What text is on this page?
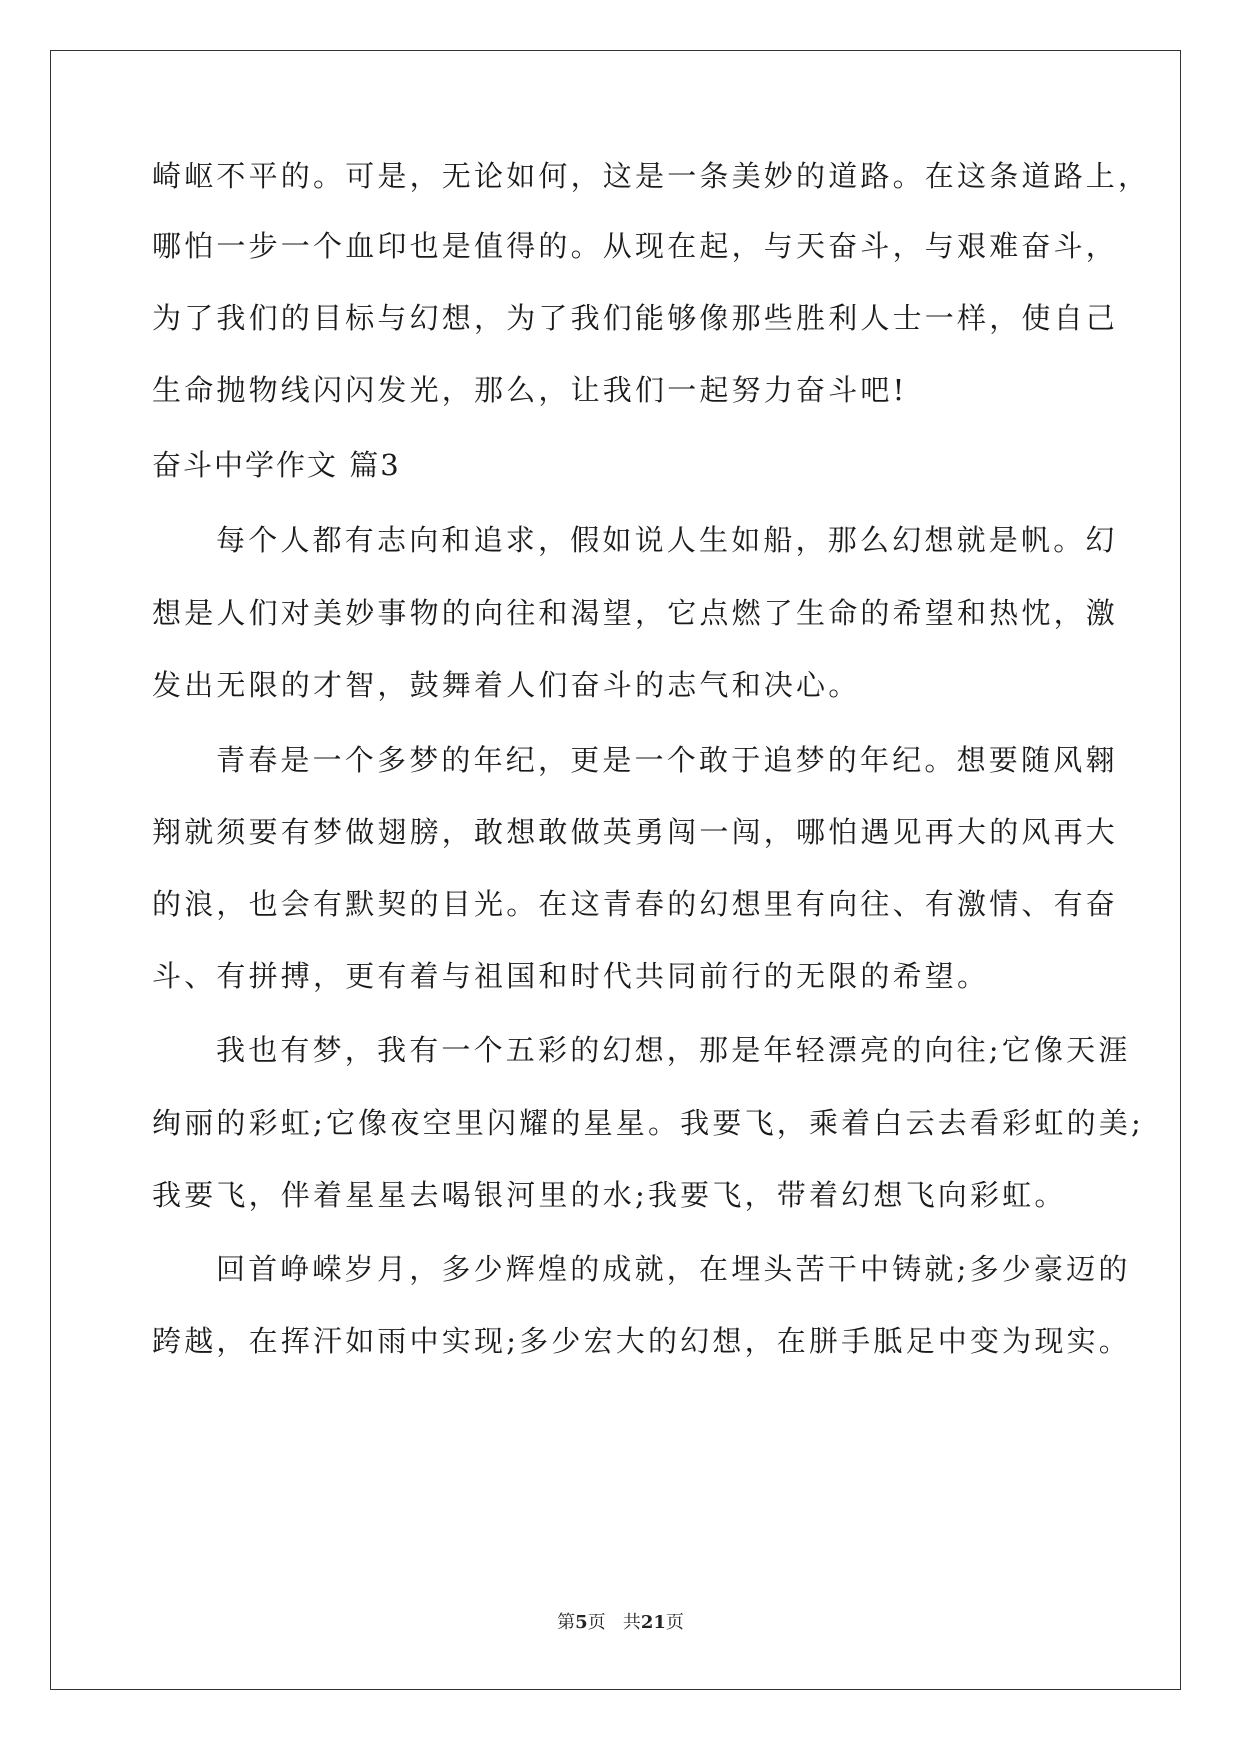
崎岖不平的。可是，无论如何，这是一条美妙的道路。在这条道路上，
哪怕一步一个血印也是值得的。从现在起，与天奋斗，与艰难奋斗，
为了我们的目标与幻想，为了我们能够像那些胜利人士一样，使自己
生命抛物线闪闪发光，那么，让我们一起努力奋斗吧!
奋斗中学作文 篇3
每个人都有志向和追求，假如说人生如船，那么幻想就是帆。幻
想是人们对美妙事物的向往和渴望，它点燃了生命的希望和热忱，激
发出无限的才智，鼓舞着人们奋斗的志气和决心。
青春是一个多梦的年纪，更是一个敢于追梦的年纪。想要随风翱
翔就须要有梦做翅膀，敢想敢做英勇闯一闯，哪怕遇见再大的风再大
的浪，也会有默契的目光。在这青春的幻想里有向往、有激情、有奋
斗、有拼搏，更有着与祖国和时代共同前行的无限的希望。
我也有梦，我有一个五彩的幻想，那是年轻漂亮的向往;它像天涯
绚丽的彩虹;它像夜空里闪耀的星星。我要飞，乘着白云去看彩虹的美;
我要飞，伴着星星去喝银河里的水;我要飞，带着幻想飞向彩虹。
回首峥嵘岁月，多少辉煌的成就，在埋头苦干中铸就;多少豪迈的
跨越，在挥汗如雨中实现;多少宏大的幻想，在胼手胝足中变为现实。
第5页 共21页
